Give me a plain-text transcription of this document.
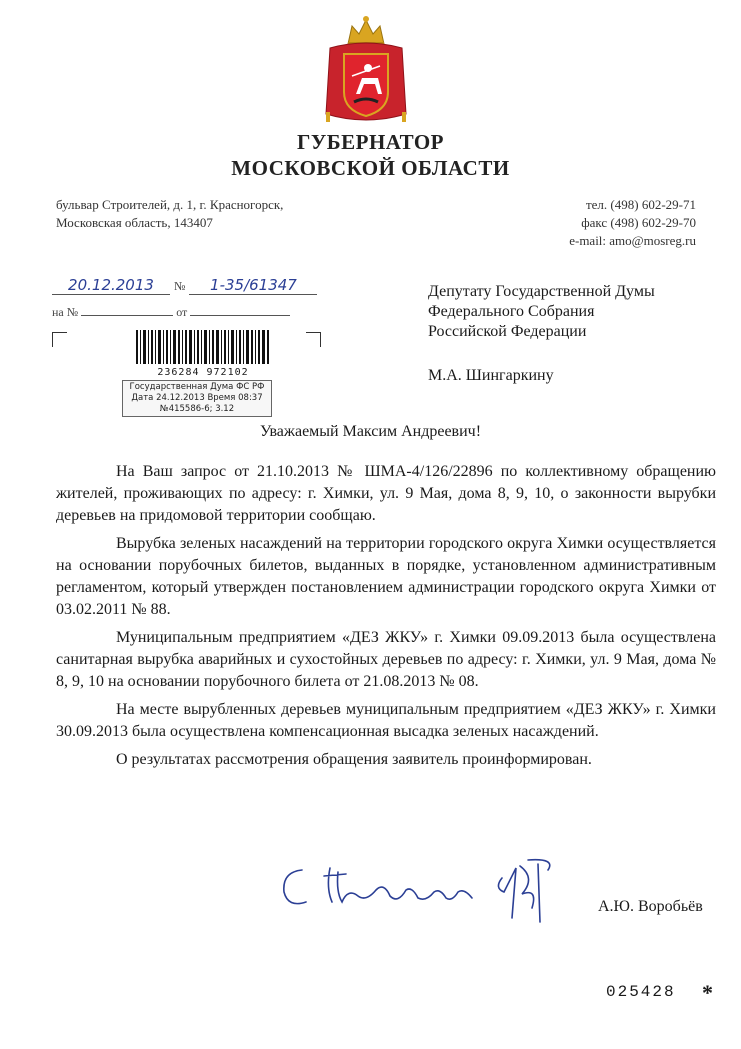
ГУБЕРНАТОР
МОСКОВСКОЙ ОБЛАСТИ
бульвар Строителей, д. 1, г. Красногорск,
Московская область, 143407
тел. (498) 602-29-71
факс (498) 602-29-70
e-mail: amo@mosreg.ru
20.12.2013 № 1-35/61347
на №	от
236284 972102
Государственная Дума ФС РФ
Дата 24.12.2013 Время 08:37
№415586-6; 3.12
Депутату Государственной Думы
Федерального Собрания
Российской Федерации
М.А. Шингаркину
Уважаемый Максим Андреевич!

На Ваш запрос от 21.10.2013 № ШМА-4/126/22896 по коллективному обращению жителей, проживающих по адресу: г. Химки, ул. 9 Мая, дома 8, 9, 10, о законности вырубки деревьев на придомовой территории сообщаю.

Вырубка зеленых насаждений на территории городского округа Химки осуществляется на основании порубочных билетов, выданных в порядке, установленном административным регламентом, который утвержден постановлением администрации городского округа Химки от 03.02.2011 № 88.

Муниципальным предприятием «ДЕЗ ЖКУ» г. Химки 09.09.2013 была осуществлена санитарная вырубка аварийных и сухостойных деревьев по адресу: г. Химки, ул. 9 Мая, дома № 8, 9, 10 на основании порубочного билета от 21.08.2013 № 08.

На месте вырубленных деревьев муниципальным предприятием «ДЕЗ ЖКУ» г. Химки 30.09.2013 была осуществлена компенсационная высадка зеленых насаждений.

О результатах рассмотрения обращения заявитель проинформирован.

А.Ю. Воробьёв
025428 *
